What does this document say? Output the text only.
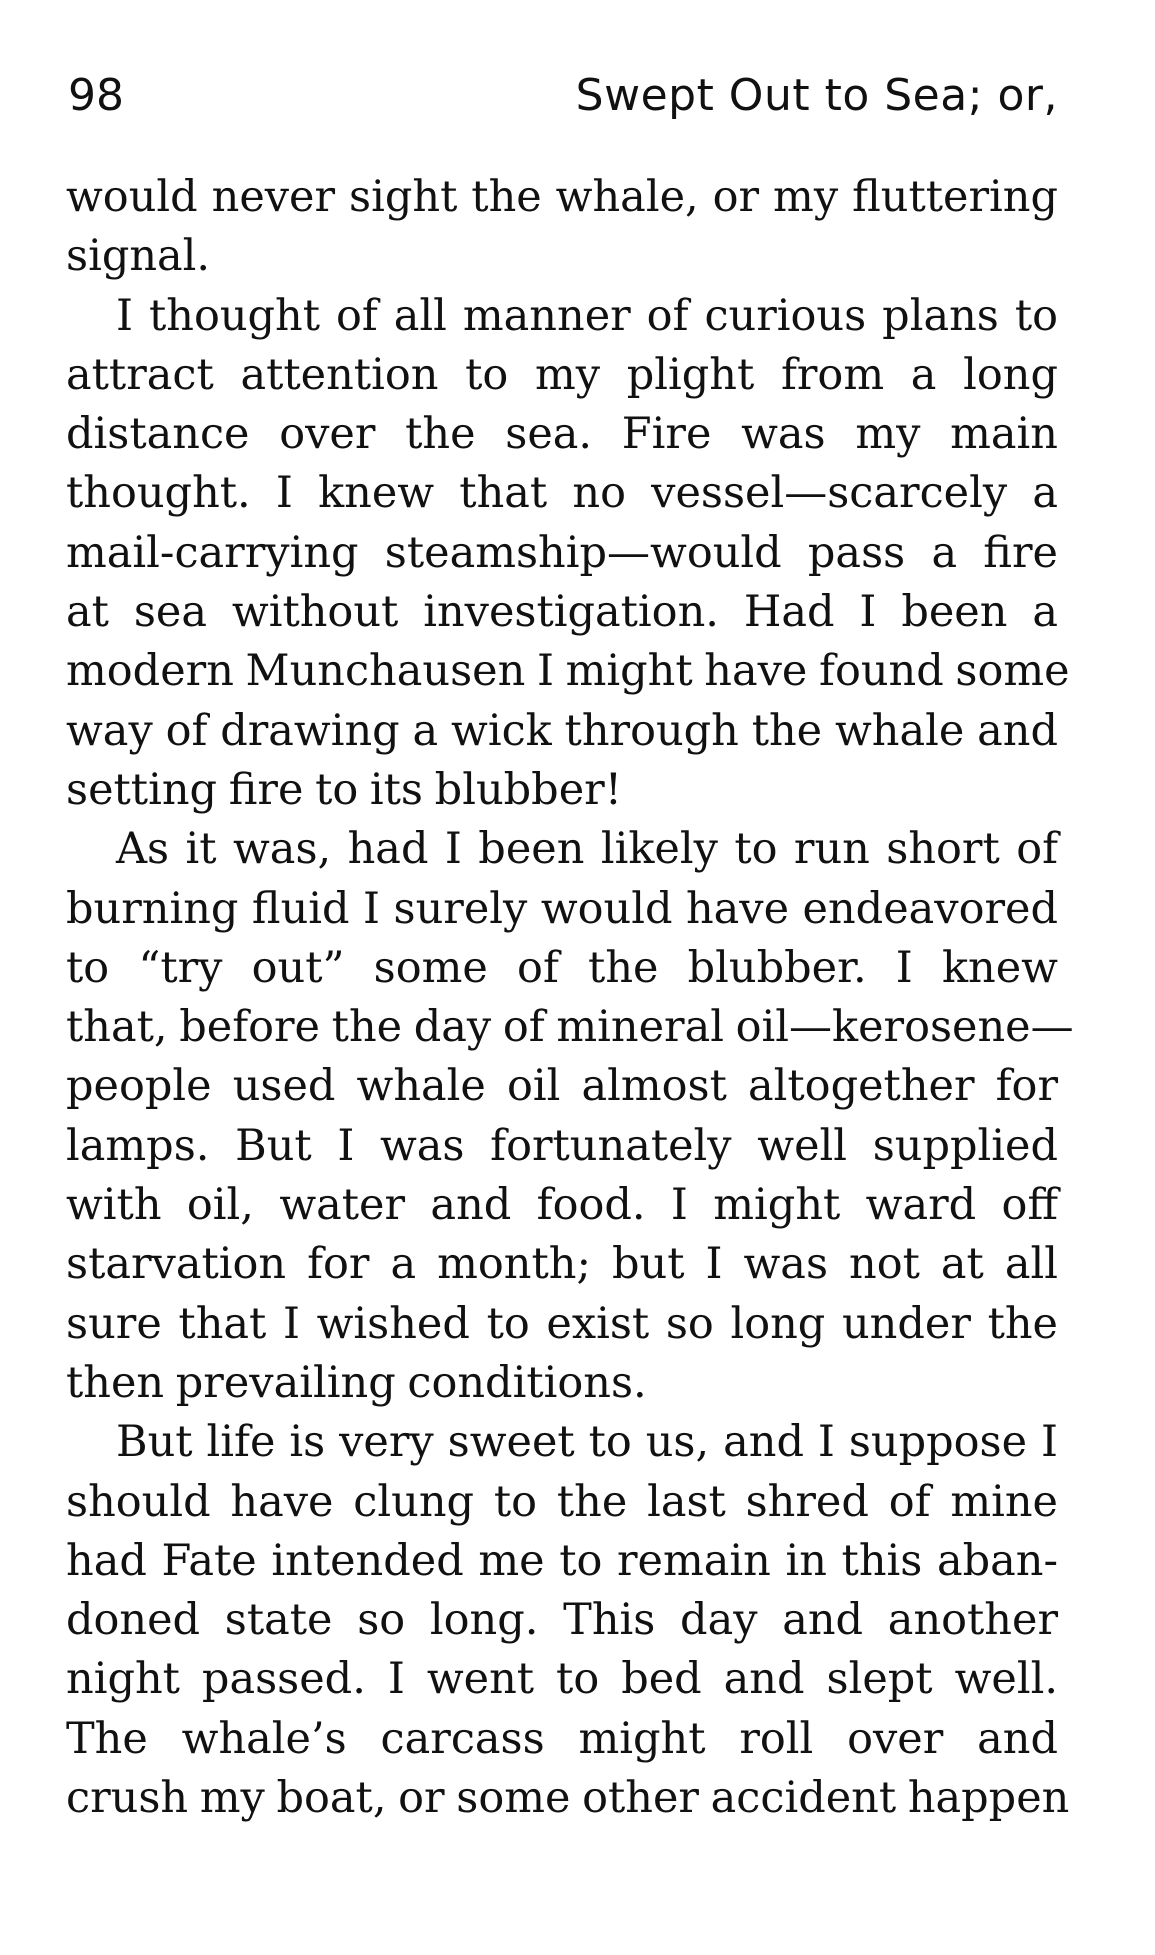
98	Swept Out to Sea; or,
would never sight the whale, or my fluttering
signal.
I thought of all manner of curious plans to
attract attention to my plight from a long
distance over the sea. Fire was my main
thought. I knew that no vessel—scarcely a
mail-carrying steamship—would pass a fire
at sea without investigation. Had I been a
modern Munchausen I might have found some
way of drawing a wick through the whale and
setting fire to its blubber!
As it was, had I been likely to run short of
burning fluid I surely would have endeavored
to “try out” some of the blubber. I knew
that, before the day of mineral oil—kerosene—
people used whale oil almost altogether for
lamps. But I was fortunately well supplied
with oil, water and food. I might ward off
starvation for a month; but I was not at all
sure that I wished to exist so long under the
then prevailing conditions.
But life is very sweet to us, and I suppose I
should have clung to the last shred of mine
had Fate intended me to remain in this aban-
doned state so long. This day and another
night passed. I went to bed and slept well.
The whale’s carcass might roll over and
crush my boat, or some other accident happen
